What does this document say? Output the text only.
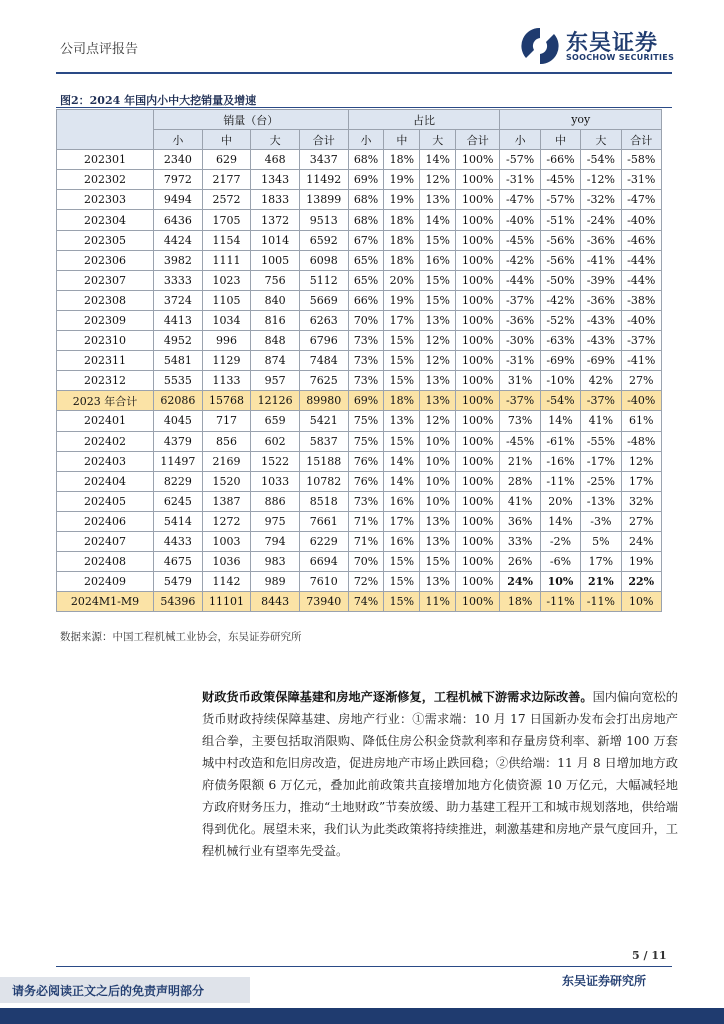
公司点评报告	东吴证券
SOOCHOW SECURITIES
图2：2024 年国内小中大挖销量及增速
	销量（台）				占比				yoy			
	小	中	大	合计	小	中	大	合计	小	中	大	合计
202301	2340	629	468	3437	68%	18%	14%	100%	-57%	-66%	-54%	-58%
202302	7972	2177	1343	11492	69%	19%	12%	100%	-31%	-45%	-12%	-31%
202303	9494	2572	1833	13899	68%	19%	13%	100%	-47%	-57%	-32%	-47%
202304	6436	1705	1372	9513	68%	18%	14%	100%	-40%	-51%	-24%	-40%
202305	4424	1154	1014	6592	67%	18%	15%	100%	-45%	-56%	-36%	-46%
202306	3982	1111	1005	6098	65%	18%	16%	100%	-42%	-56%	-41%	-44%
202307	3333	1023	756	5112	65%	20%	15%	100%	-44%	-50%	-39%	-44%
202308	3724	1105	840	5669	66%	19%	15%	100%	-37%	-42%	-36%	-38%
202309	4413	1034	816	6263	70%	17%	13%	100%	-36%	-52%	-43%	-40%
202310	4952	996	848	6796	73%	15%	12%	100%	-30%	-63%	-43%	-37%
202311	5481	1129	874	7484	73%	15%	12%	100%	-31%	-69%	-69%	-41%
202312	5535	1133	957	7625	73%	15%	13%	100%	31%	-10%	42%	27%
2023 年合计	62086	15768	12126	89980	69%	18%	13%	100%	-37%	-54%	-37%	-40%
202401	4045	717	659	5421	75%	13%	12%	100%	73%	14%	41%	61%
202402	4379	856	602	5837	75%	15%	10%	100%	-45%	-61%	-55%	-48%
202403	11497	2169	1522	15188	76%	14%	10%	100%	21%	-16%	-17%	12%
202404	8229	1520	1033	10782	76%	14%	10%	100%	28%	-11%	-25%	17%
202405	6245	1387	886	8518	73%	16%	10%	100%	41%	20%	-13%	32%
202406	5414	1272	975	7661	71%	17%	13%	100%	36%	14%	-3%	27%
202407	4433	1003	794	6229	71%	16%	13%	100%	33%	-2%	5%	24%
202408	4675	1036	983	6694	70%	15%	15%	100%	26%	-6%	17%	19%
202409	5479	1142	989	7610	72%	15%	13%	100%	24%	10%	21%	22%
2024M1-M9	54396	11101	8443	73940	74%	15%	11%	100%	18%	-11%	-11%	10%
数据来源：中国工程机械工业协会，东吴证券研究所
财政货币政策保障基建和房地产逐渐修复，工程机械下游需求边际改善。国内偏向宽松的货币财政持续保障基建、房地产行业：①需求端：10 月 17 日国新办发布会打出房地产组合拳，主要包括取消限购、降低住房公积金贷款利率和存量房贷利率、新增 100 万套城中村改造和危旧房改造，促进房地产市场止跌回稳；②供给端：11 月 8 日增加地方政府债务限额 6 万亿元，叠加此前政策共直接增加地方化债资源 10 万亿元，大幅减轻地方政府财务压力，推动“土地财政”节奏放缓、助力基建工程开工和城市规划落地，供给端得到优化。展望未来，我们认为此类政策将持续推进，刺激基建和房地产景气度回升，工程机械行业有望率先受益。
5 / 11
东吴证券研究所
请务必阅读正文之后的免责声明部分
